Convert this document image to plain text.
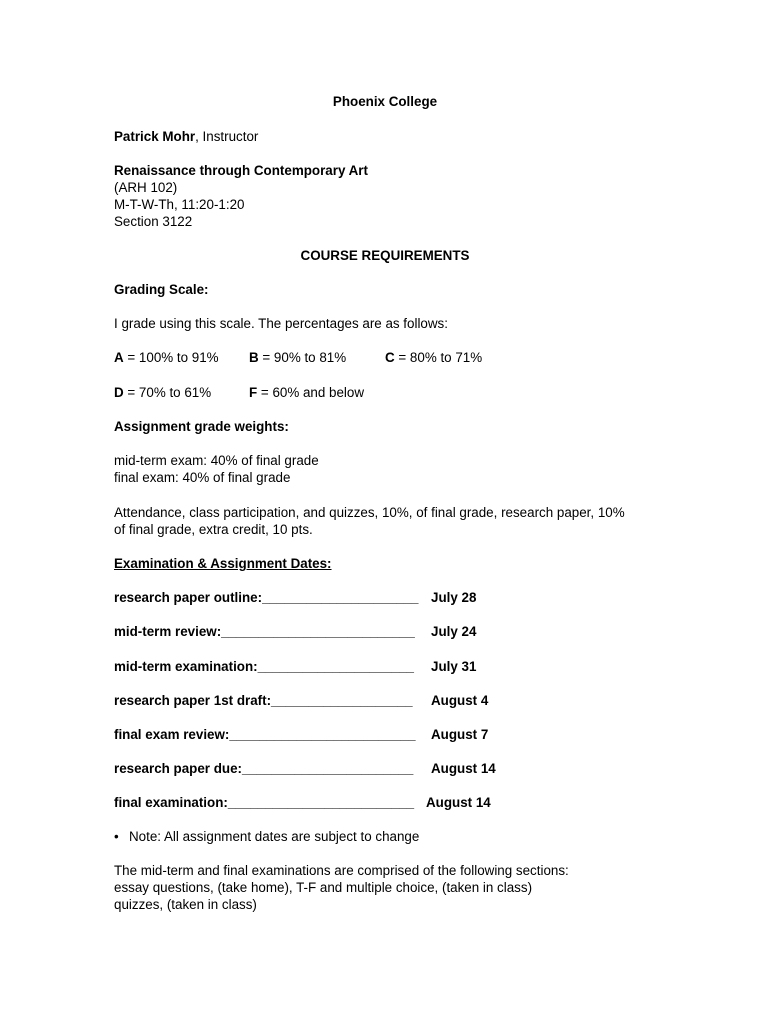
Phoenix College
Patrick Mohr, Instructor
Renaissance through Contemporary Art
(ARH 102)
M-T-W-Th, 11:20-1:20
Section 3122
COURSE REQUIREMENTS
Grading Scale:
I grade using this scale. The percentages are as follows:
A = 100% to 91% B = 90% to 81%	C = 80% to 71%
D = 70% to 61%	F = 60% and below
Assignment grade weights:
mid-term exam: 40% of final grade
final exam: 40% of final grade
Attendance, class participation, and quizzes, 10%, of final grade, research paper, 10%
of final grade, extra credit, 10 pts.
Examination & Assignment Dates:
research paper outline:_____________________ July 28
mid-term review:__________________________ July 24
mid-term examination:_____________________ July 31
research paper 1st draft:___________________ August 4
final exam review:_________________________ August 7
research paper due:_______________________ August 14
final examination:_________________________ August 14
• Note: All assignment dates are subject to change
The mid-term and final examinations are comprised of the following sections:
essay questions, (take home), T-F and multiple choice, (taken in class)
quizzes, (taken in class)
